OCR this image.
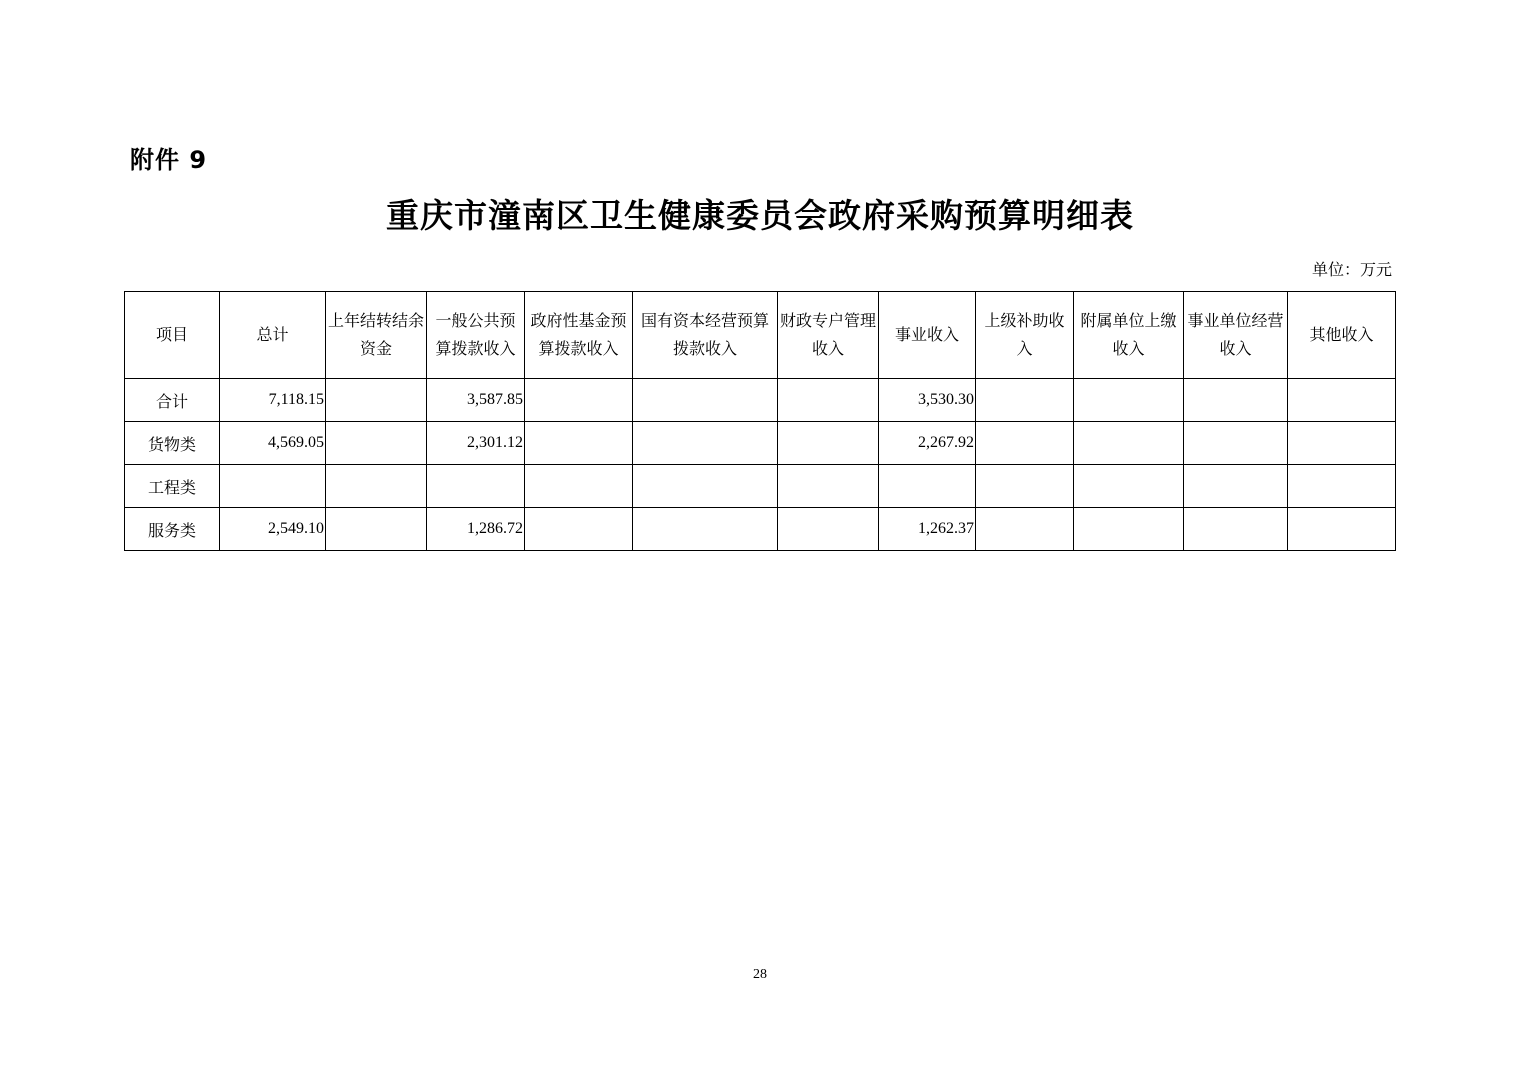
附件 9
重庆市潼南区卫生健康委员会政府采购预算明细表
单位：万元
项目	总计	上年结转结余资金	一般公共预算拨款收入	政府性基金预算拨款收入	国有资本经营预算拨款收入	财政专户管理收入	事业收入	上级补助收入	附属单位上缴收入	事业单位经营收入	其他收入
合计	7,118.15		3,587.85				3,530.30				
货物类	4,569.05		2,301.12				2,267.92				
工程类											
服务类	2,549.10		1,286.72				1,262.37				
28
